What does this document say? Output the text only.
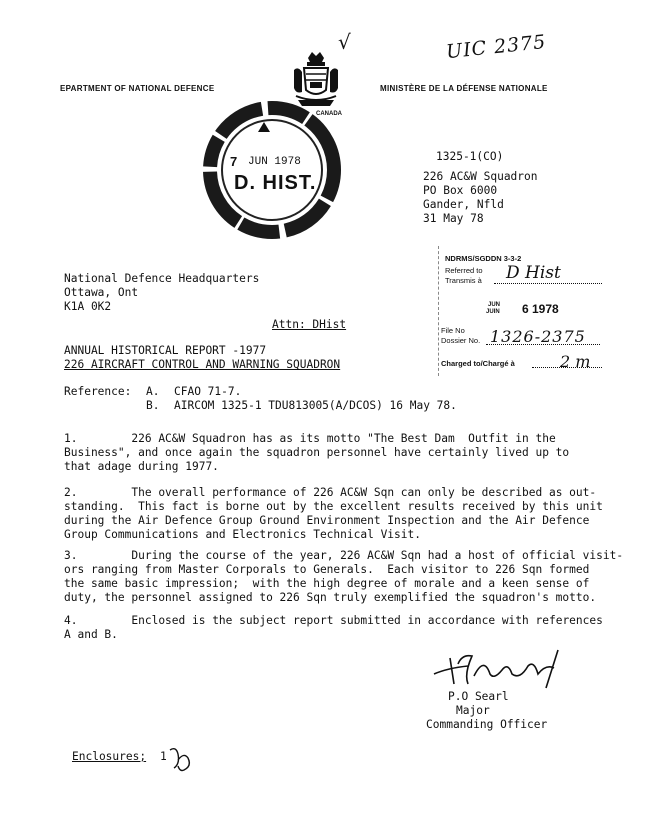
√	UIC 2375
EPARTMENT OF NATIONAL DEFENCE	MINISTÈRE DE LA DÉFENSE NATIONALE
CANADA
7 JUN 1978
D. HIST.
1325-1(CO)
226 AC&W Squadron
PO Box 6000
Gander, Nfld
31 May 78
NDRMS/SGDDN 3-3-2
Referred to
Transmis à D Hist
JUN
JUIN 6 1978
File No
Dossier No. 1326-2375
Charged to/Chargé à	2 m
National Defence Headquarters
Ottawa, Ont
K1A 0K2
Attn: DHist
ANNUAL HISTORICAL REPORT -1977
226 AIRCRAFT CONTROL AND WARNING SQUADRON
Reference: A. CFAO 71-7.
B. AIRCOM 1325-1 TDU813005(A/DCOS) 16 May 78.
1.	226 AC&W Squadron has as its motto "The Best Dam  Outfit in the
Business", and once again the squadron personnel have certainly lived up to
that adage during 1977.
2.	The overall performance of 226 AC&W Sqn can only be described as out-
standing.  This fact is borne out by the excellent results received by this unit
during the Air Defence Group Ground Environment Inspection and the Air Defence
Group Communications and Electronics Technical Visit.
3.	During the course of the year, 226 AC&W Sqn had a host of official visit-
ors ranging from Master Corporals to Generals.  Each visitor to 226 Sqn formed
the same basic impression;  with the high degree of morale and a keen sense of
duty, the personnel assigned to 226 Sqn truly exemplified the squadron's motto.
4.	Enclosed is the subject report submitted in accordance with references
A and B.
P.O Searl
Major
Commanding Officer
Enclosures; 1
